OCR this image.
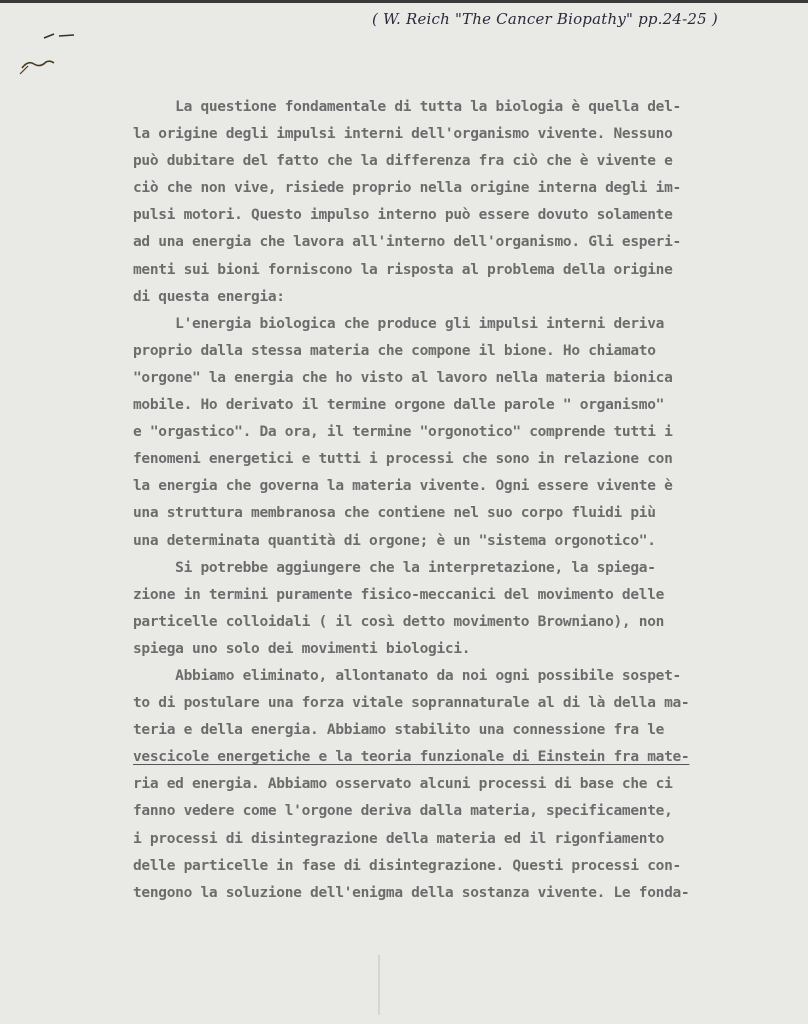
( W. Reich "The Cancer Biopathy" pp.24-25 )
La questione fondamentale di tutta la biologia è quella del-
la origine degli impulsi interni dell'organismo vivente. Nessuno
può dubitare del fatto che la differenza fra ciò che è vivente e
ciò che non vive, risiede proprio nella origine interna degli im-
pulsi motori. Questo impulso interno può essere dovuto solamente
ad una energia che lavora all'interno dell'organismo. Gli esperi-
menti sui bioni forniscono la risposta al problema della origine
di questa energia:
L'energia biologica che produce gli impulsi interni deriva
proprio dalla stessa materia che compone il bione. Ho chiamato
"orgone" la energia che ho visto al lavoro nella materia bionica
mobile. Ho derivato il termine orgone dalle parole " organismo"
e "orgastico". Da ora, il termine "orgonotico" comprende tutti i
fenomeni energetici e tutti i processi che sono in relazione con
la energia che governa la materia vivente. Ogni essere vivente è
una struttura membranosa che contiene nel suo corpo fluidi più
una determinata quantità di orgone; è un "sistema orgonotico".
Si potrebbe aggiungere che la interpretazione, la spiega-
zione in termini puramente fisico-meccanici del movimento delle
particelle colloidali ( il così detto movimento Browniano), non
spiega uno solo dei movimenti biologici.
Abbiamo eliminato, allontanato da noi ogni possibile sospet-
to di postulare una forza vitale soprannaturale al di là della ma-
teria e della energia. Abbiamo stabilito una connessione fra le
vescicole energetiche e la teoria funzionale di Einstein fra mate-
ria ed energia. Abbiamo osservato alcuni processi di base che ci
fanno vedere come l'orgone deriva dalla materia, specificamente,
i processi di disintegrazione della materia ed il rigonfiamento
delle particelle in fase di disintegrazione. Questi processi con-
tengono la soluzione dell'enigma della sostanza vivente. Le fonda-
